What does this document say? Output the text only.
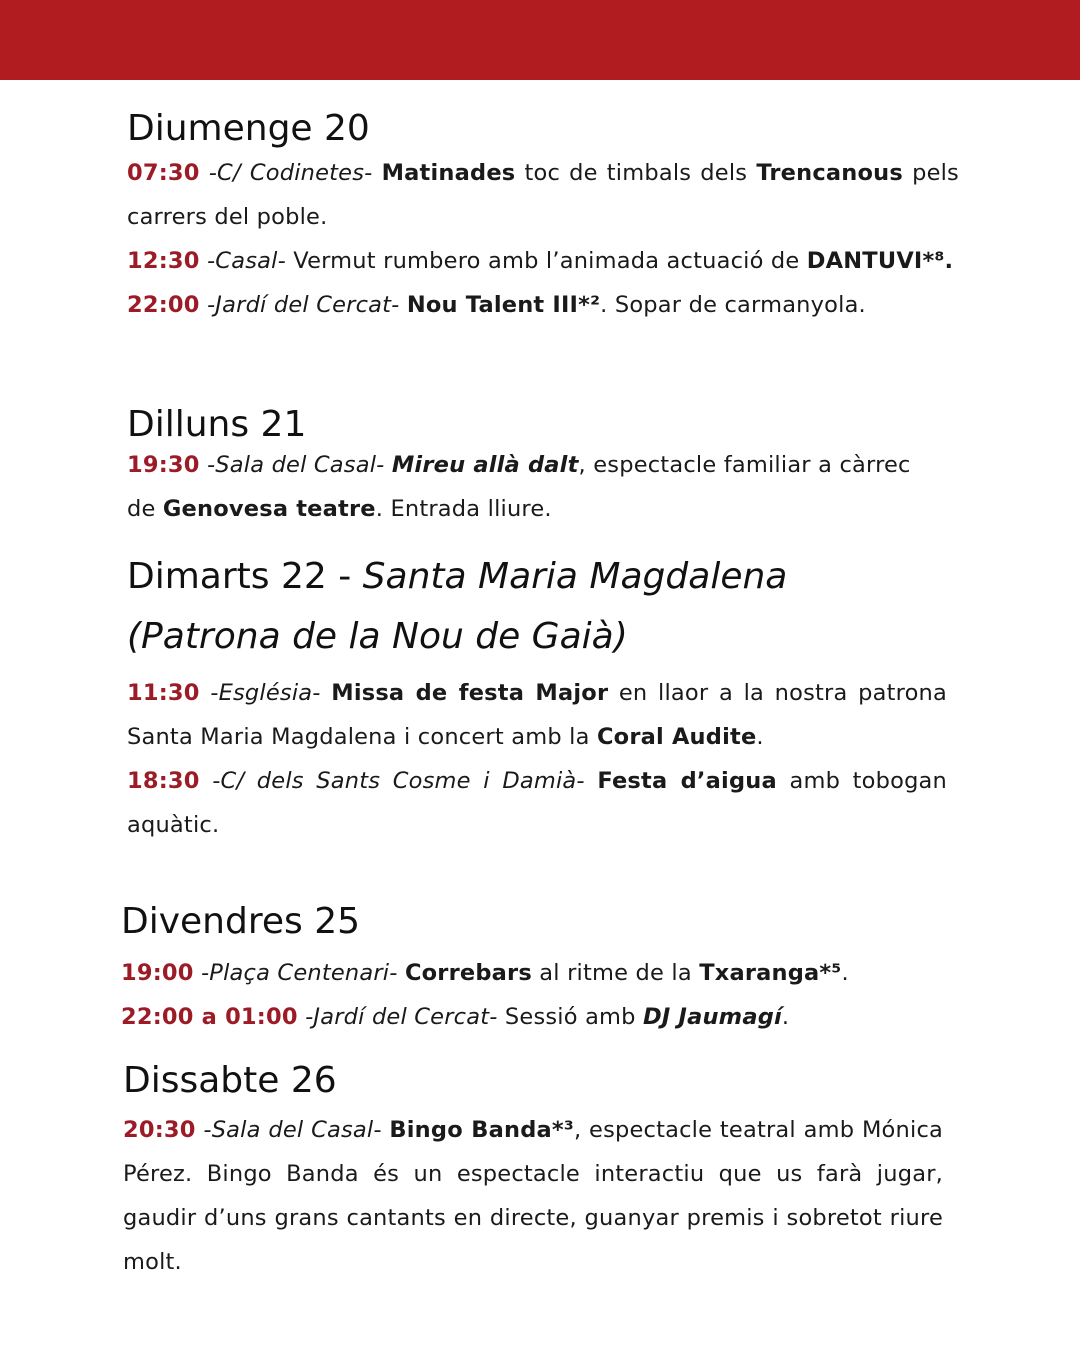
Diumenge 20

07:30 -C/ Codinetes- Matinades toc de timbals dels Trencanous pels carrers del poble.

12:30 -Casal- Vermut rumbero amb l’animada actuació de DANTUVI*⁸.

22:00 -Jardí del Cercat- Nou Talent III*². Sopar de carmanyola.

Dilluns 21

19:30 -Sala del Casal- Mireu allà dalt, espectacle familiar a càrrec de Genovesa teatre. Entrada lliure.

Dimarts 22 - Santa Maria Magdalena
(Patrona de la Nou de Gaià)

11:30 -Església- Missa de festa Major en llaor a la nostra patrona Santa Maria Magdalena i concert amb la Coral Audite.

18:30 -C/ dels Sants Cosme i Damià- Festa d’aigua amb tobogan aquàtic.

Divendres 25

19:00 -Plaça Centenari- Correbars al ritme de la Txaranga*⁵.

22:00 a 01:00 -Jardí del Cercat- Sessió amb DJ Jaumagí.

Dissabte 26

20:30 -Sala del Casal- Bingo Banda*³, espectacle teatral amb Mónica Pérez. Bingo Banda és un espectacle interactiu que us farà jugar, gaudir d’uns grans cantants en directe, guanyar premis i sobretot riure molt.
